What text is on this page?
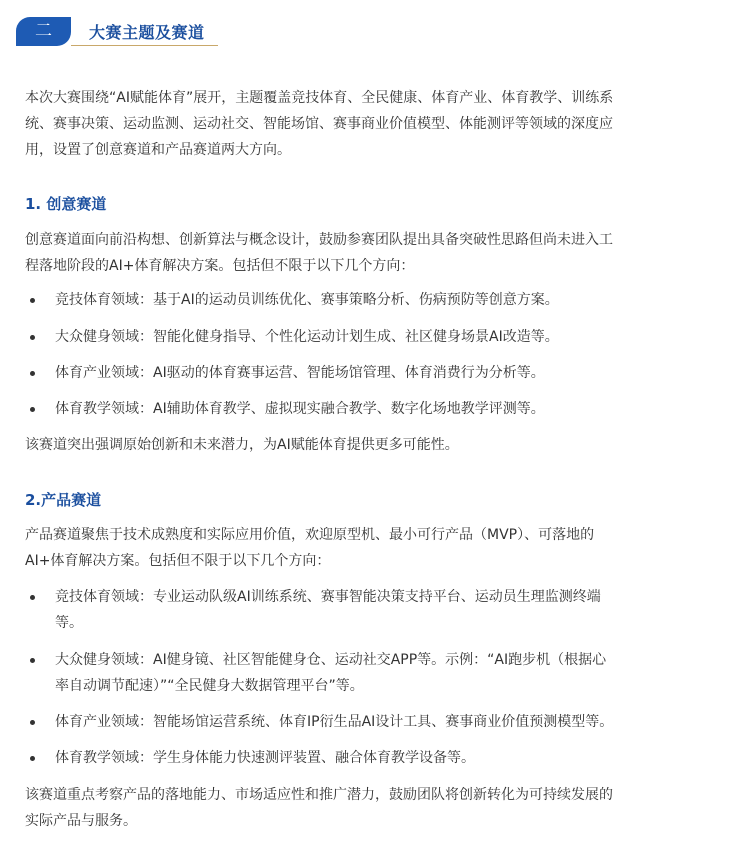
二	大赛主题及赛道
本次大赛围绕“AI赋能体育”展开，主题覆盖竞技体育、全民健康、体育产业、体育教学、训练系
统、赛事决策、运动监测、运动社交、智能场馆、赛事商业价值模型、体能测评等领域的深度应
用，设置了创意赛道和产品赛道两大方向。
1. 创意赛道
创意赛道面向前沿构想、创新算法与概念设计，鼓励参赛团队提出具备突破性思路但尚未进入工
程落地阶段的AI+体育解决方案。包括但不限于以下几个方向：
竞技体育领域：基于AI的运动员训练优化、赛事策略分析、伤病预防等创意方案。
大众健身领域：智能化健身指导、个性化运动计划生成、社区健身场景AI改造等。
体育产业领域：AI驱动的体育赛事运营、智能场馆管理、体育消费行为分析等。
体育教学领域：AI辅助体育教学、虚拟现实融合教学、数字化场地教学评测等。
该赛道突出强调原始创新和未来潜力，为AI赋能体育提供更多可能性。
2.产品赛道
产品赛道聚焦于技术成熟度和实际应用价值，欢迎原型机、最小可行产品（MVP）、可落地的
AI+体育解决方案。包括但不限于以下几个方向：
竞技体育领域：专业运动队级AI训练系统、赛事智能决策支持平台、运动员生理监测终端
等。
大众健身领域：AI健身镜、社区智能健身仓、运动社交APP等。示例：“AI跑步机（根据心
率自动调节配速）”“全民健身大数据管理平台”等。
体育产业领域：智能场馆运营系统、体育IP衍生品AI设计工具、赛事商业价值预测模型等。
体育教学领域：学生身体能力快速测评装置、融合体育教学设备等。
该赛道重点考察产品的落地能力、市场适应性和推广潜力，鼓励团队将创新转化为可持续发展的
实际产品与服务。
